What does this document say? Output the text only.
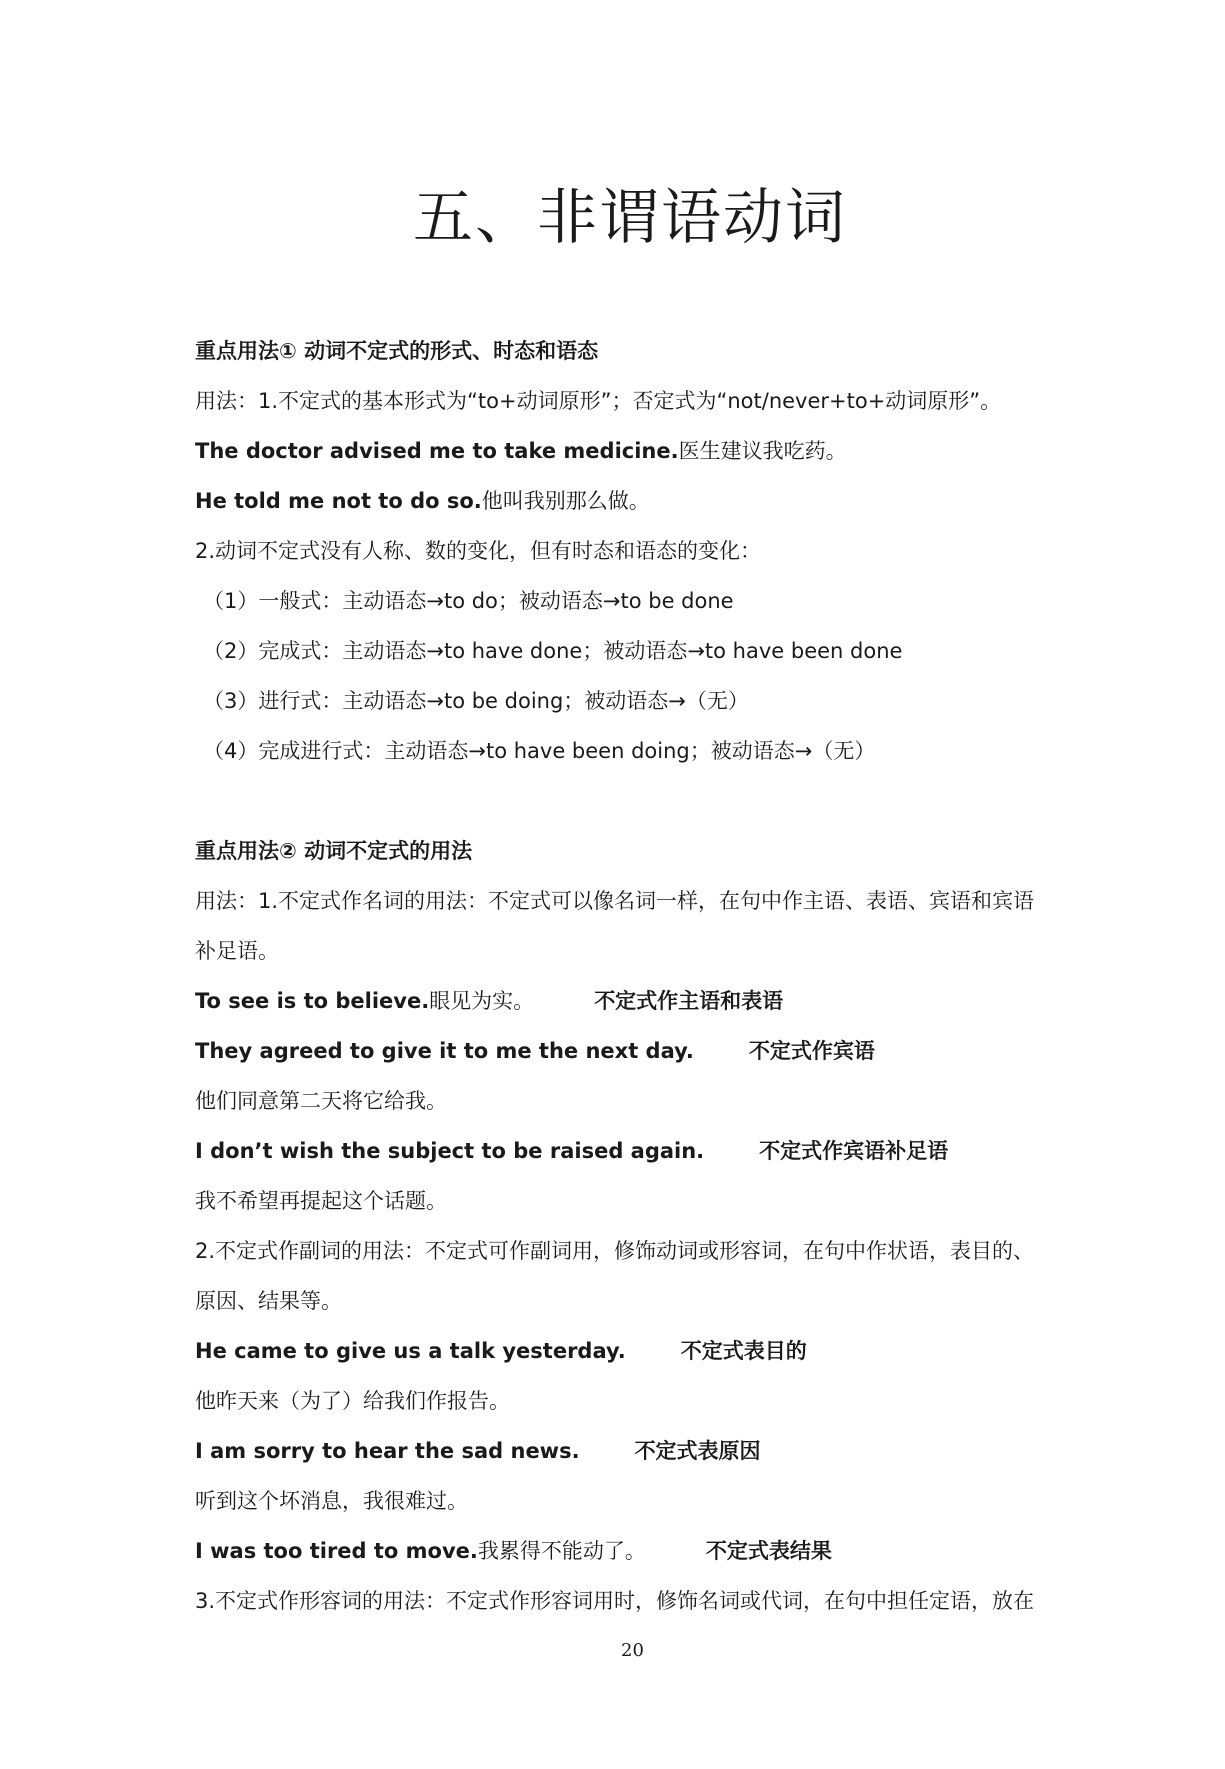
五、非谓语动词
重点用法① 动词不定式的形式、时态和语态
用法：1.不定式的基本形式为“to+动词原形”；否定式为“not/never+to+动词原形”。
The doctor advised me to take medicine.医生建议我吃药。
He told me not to do so.他叫我别那么做。
2.动词不定式没有人称、数的变化，但有时态和语态的变化：
（1）一般式：主动语态→to do；被动语态→to be done
（2）完成式：主动语态→to have done；被动语态→to have been done
（3）进行式：主动语态→to be doing；被动语态→（无）
（4）完成进行式：主动语态→to have been doing；被动语态→（无）
重点用法② 动词不定式的用法
用法：1.不定式作名词的用法：不定式可以像名词一样，在句中作主语、表语、宾语和宾语
补足语。
To see is to believe.眼见为实。	不定式作主语和表语
They agreed to give it to me the next day.	不定式作宾语
他们同意第二天将它给我。
I don’t wish the subject to be raised again.	不定式作宾语补足语
我不希望再提起这个话题。
2.不定式作副词的用法：不定式可作副词用，修饰动词或形容词，在句中作状语，表目的、
原因、结果等。
He came to give us a talk yesterday.	不定式表目的
他昨天来（为了）给我们作报告。
I am sorry to hear the sad news.	不定式表原因
听到这个坏消息，我很难过。
I was too tired to move.我累得不能动了。	不定式表结果
3.不定式作形容词的用法：不定式作形容词用时，修饰名词或代词，在句中担任定语，放在
20
